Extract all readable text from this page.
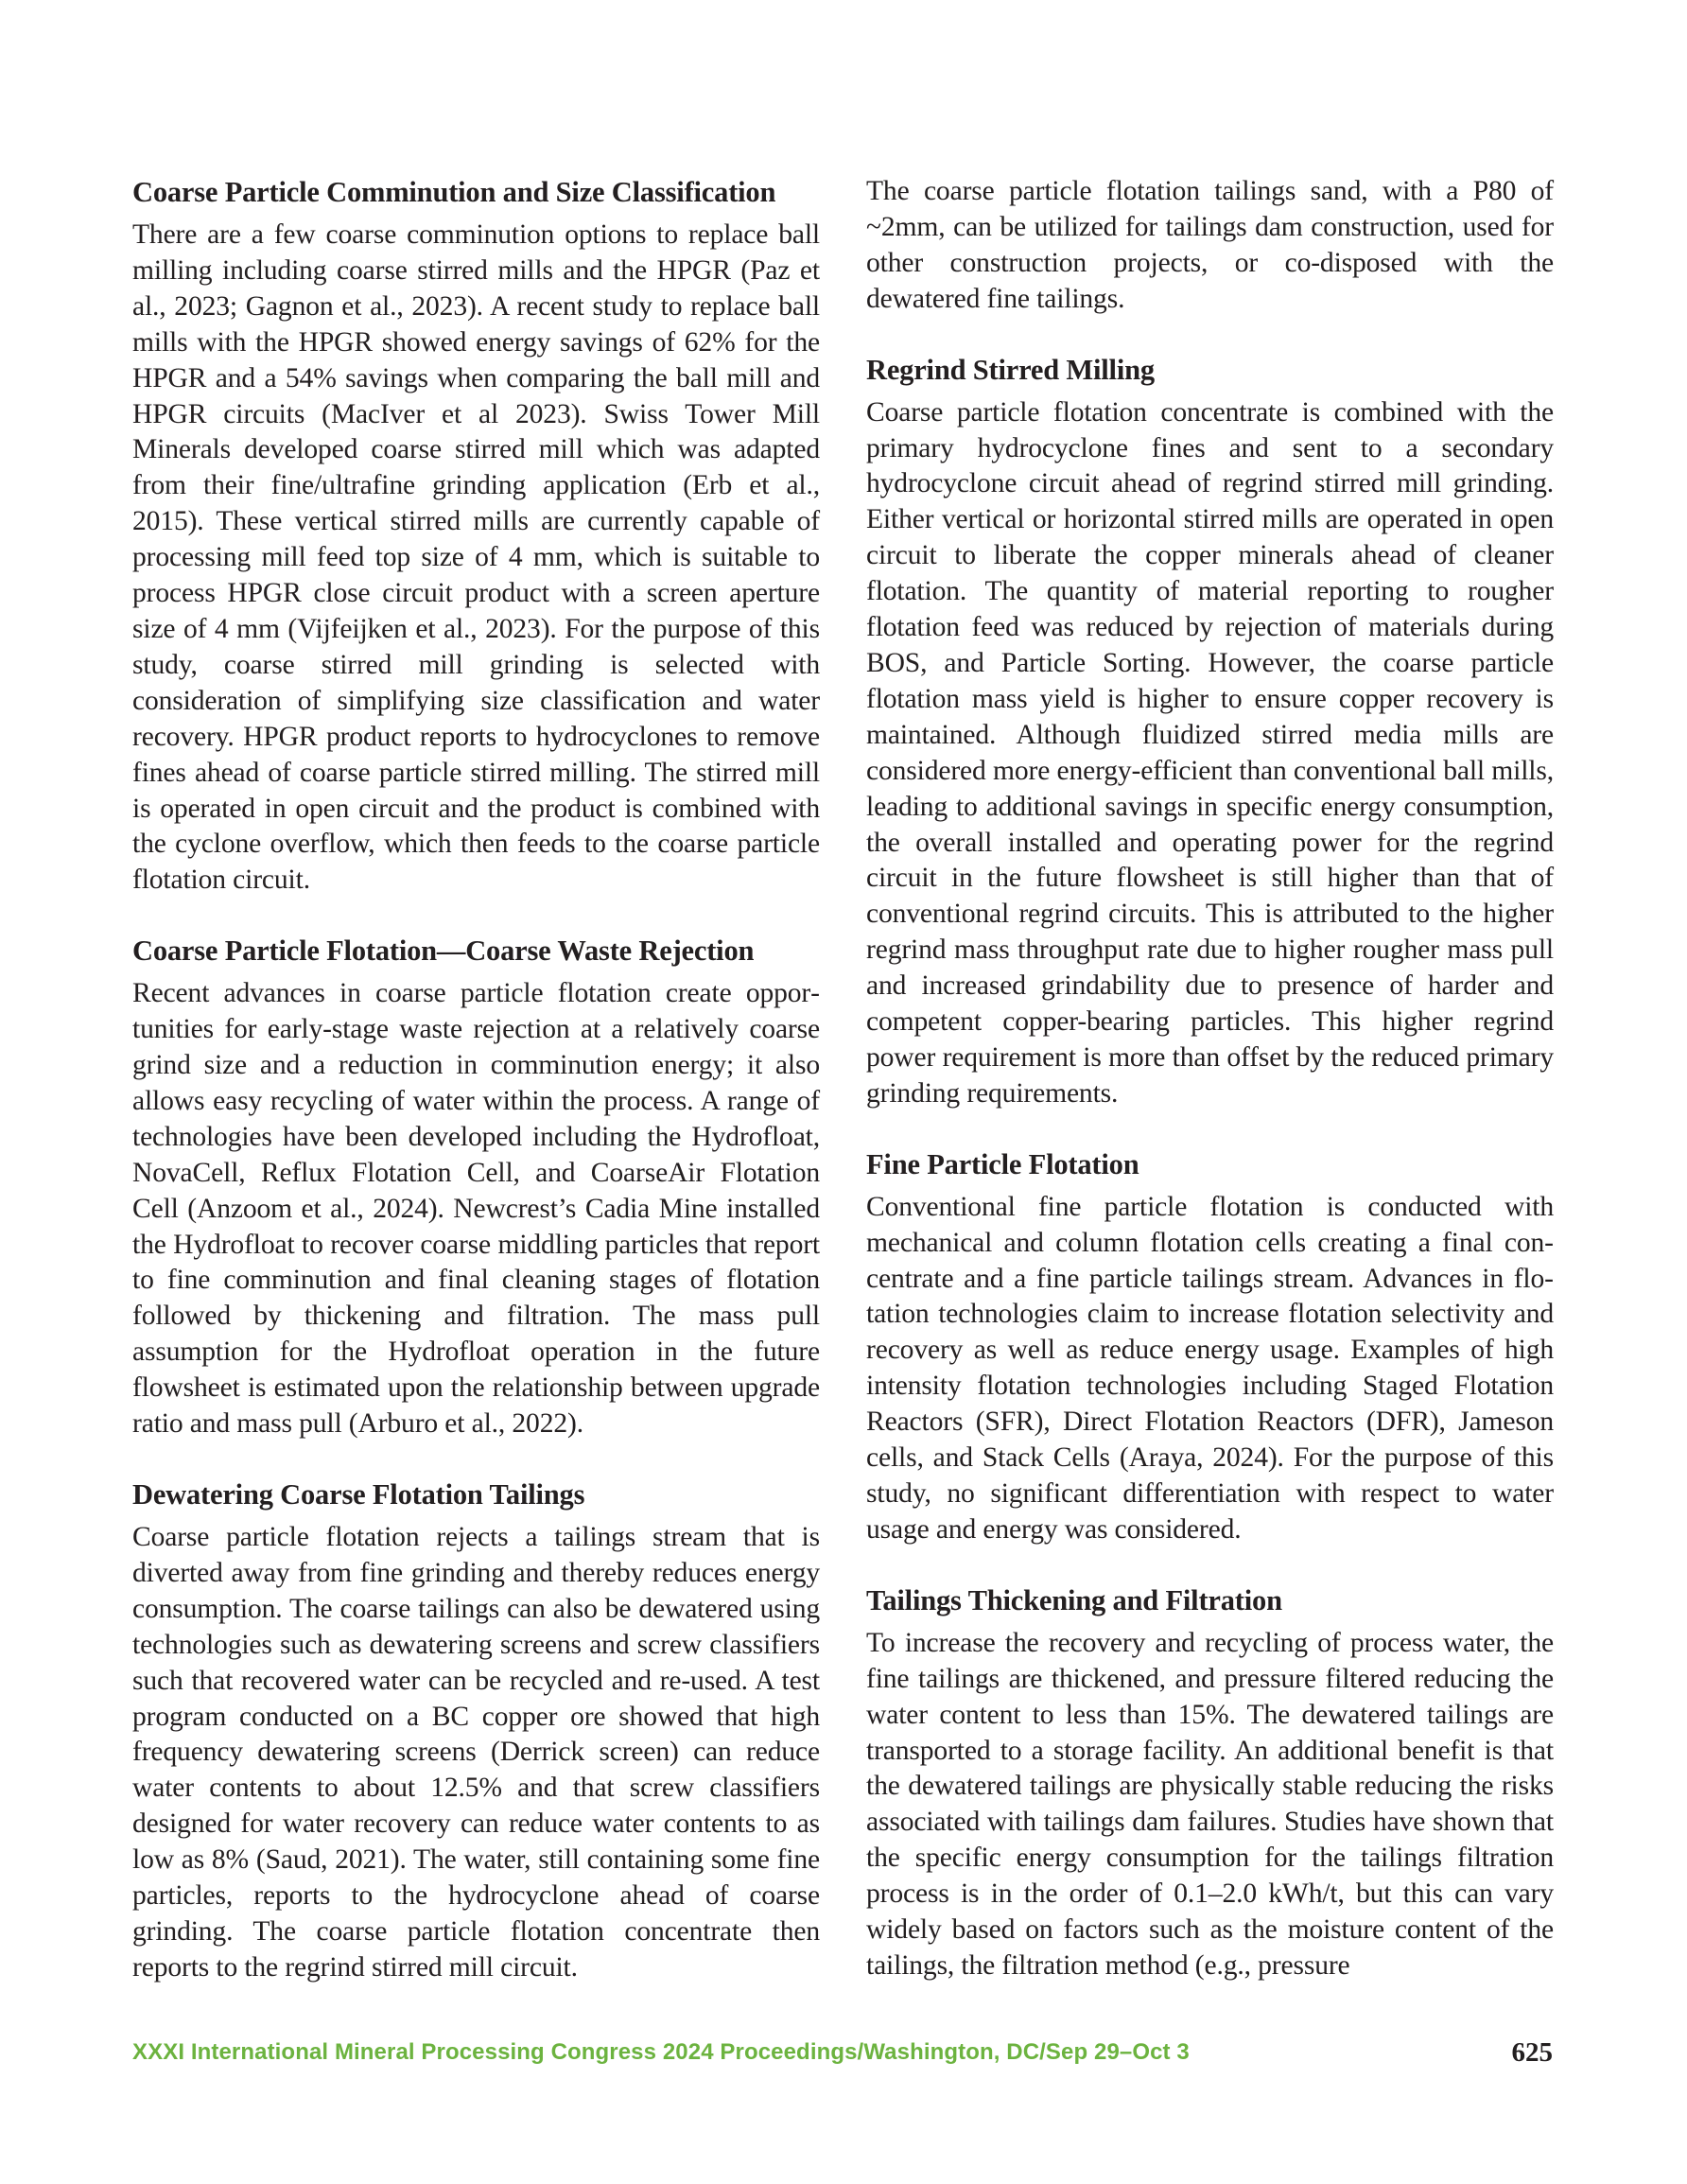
Coarse Particle Comminution and Size Classification

There are a few coarse comminution options to replace ball milling including coarse stirred mills and the HPGR (Paz et al., 2023; Gagnon et al., 2023). A recent study to replace ball mills with the HPGR showed energy savings of 62% for the HPGR and a 54% savings when comparing the ball mill and HPGR circuits (MacIver et al 2023). Swiss Tower Mill Minerals developed coarse stirred mill which was adapted from their fine/ultrafine grinding application (Erb et al., 2015). These vertical stirred mills are currently capable of processing mill feed top size of 4 mm, which is suitable to process HPGR close circuit product with a screen aperture size of 4 mm (Vijfeijken et al., 2023). For the purpose of this study, coarse stirred mill grinding is selected with consideration of simplifying size classification and water recovery. HPGR product reports to hydrocyclones to remove fines ahead of coarse particle stirred milling. The stirred mill is operated in open circuit and the product is combined with the cyclone overflow, which then feeds to the coarse particle flotation circuit.

Coarse Particle Flotation—Coarse Waste Rejection

Recent advances in coarse particle flotation create opportunities for early-stage waste rejection at a relatively coarse grind size and a reduction in comminution energy; it also allows easy recycling of water within the process. A range of technologies have been developed including the Hydrofloat, NovaCell, Reflux Flotation Cell, and CoarseAir Flotation Cell (Anzoom et al., 2024). Newcrest’s Cadia Mine installed the Hydrofloat to recover coarse middling particles that report to fine comminution and final cleaning stages of flotation followed by thickening and filtration. The mass pull assumption for the Hydrofloat operation in the future flowsheet is estimated upon the relationship between upgrade ratio and mass pull (Arburo et al., 2022).

Dewatering Coarse Flotation Tailings

Coarse particle flotation rejects a tailings stream that is diverted away from fine grinding and thereby reduces energy consumption. The coarse tailings can also be dewatered using technologies such as dewatering screens and screw classifiers such that recovered water can be recycled and re-used. A test program conducted on a BC copper ore showed that high frequency dewatering screens (Derrick screen) can reduce water contents to about 12.5% and that screw classifiers designed for water recovery can reduce water contents to as low as 8% (Saud, 2021). The water, still containing some fine particles, reports to the hydrocyclone ahead of coarse grinding. The coarse particle flotation concentrate then reports to the regrind stirred mill circuit.

The coarse particle flotation tailings sand, with a P80 of ~2mm, can be utilized for tailings dam construction, used for other construction projects, or co-disposed with the dewatered fine tailings.

Regrind Stirred Milling

Coarse particle flotation concentrate is combined with the primary hydrocyclone fines and sent to a secondary hydrocyclone circuit ahead of regrind stirred mill grinding. Either vertical or horizontal stirred mills are operated in open circuit to liberate the copper minerals ahead of cleaner flotation. The quantity of material reporting to rougher flotation feed was reduced by rejection of materials during BOS, and Particle Sorting. However, the coarse particle flotation mass yield is higher to ensure copper recovery is maintained. Although fluidized stirred media mills are considered more energy-efficient than conventional ball mills, leading to additional savings in specific energy consumption, the overall installed and operating power for the regrind circuit in the future flowsheet is still higher than that of conventional regrind circuits. This is attributed to the higher regrind mass throughput rate due to higher rougher mass pull and increased grindability due to presence of harder and competent copper-bearing particles. This higher regrind power requirement is more than offset by the reduced primary grinding requirements.

Fine Particle Flotation

Conventional fine particle flotation is conducted with mechanical and column flotation cells creating a final concentrate and a fine particle tailings stream. Advances in flotation technologies claim to increase flotation selectivity and recovery as well as reduce energy usage. Examples of high intensity flotation technologies including Staged Flotation Reactors (SFR), Direct Flotation Reactors (DFR), Jameson cells, and Stack Cells (Araya, 2024). For the purpose of this study, no significant differentiation with respect to water usage and energy was considered.

Tailings Thickening and Filtration

To increase the recovery and recycling of process water, the fine tailings are thickened, and pressure filtered reducing the water content to less than 15%. The dewatered tailings are transported to a storage facility. An additional benefit is that the dewatered tailings are physically stable reducing the risks associated with tailings dam failures. Studies have shown that the specific energy consumption for the tailings filtration process is in the order of 0.1–2.0 kWh/t, but this can vary widely based on factors such as the moisture content of the tailings, the filtration method (e.g., pressure

XXXI International Mineral Processing Congress 2024 Proceedings/Washington, DC/Sep 29–Oct 3	625
